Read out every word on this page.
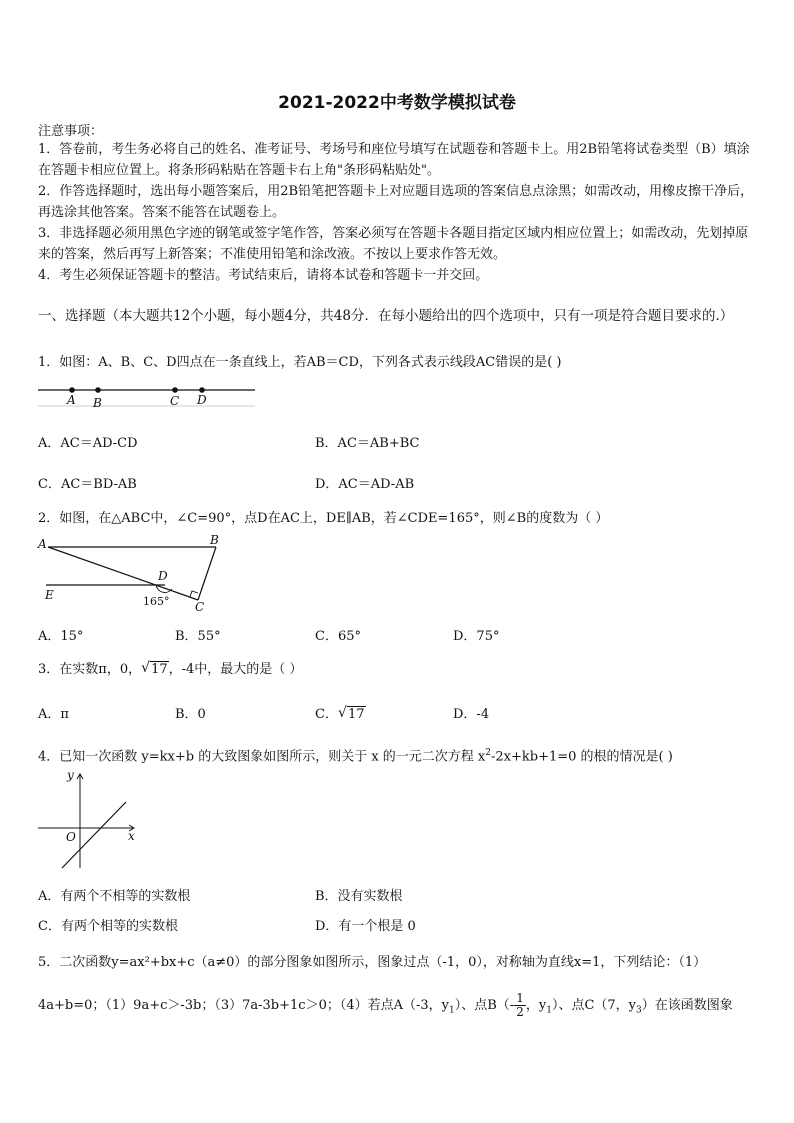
2021-2022中考数学模拟试卷
注意事项：
1．答卷前，考生务必将自己的姓名、准考证号、考场号和座位号填写在试题卷和答题卡上。用2B铅笔将试卷类型（B）填涂在答题卡相应位置上。将条形码粘贴在答题卡右上角"条形码粘贴处"。
2．作答选择题时，选出每小题答案后，用2B铅笔把答题卡上对应题目选项的答案信息点涂黑；如需改动，用橡皮擦干净后，再选涂其他答案。答案不能答在试题卷上。
3．非选择题必须用黑色字迹的钢笔或签字笔作答，答案必须写在答题卡各题目指定区域内相应位置上；如需改动，先划掉原来的答案，然后再写上新答案；不准使用铅笔和涂改液。不按以上要求作答无效。
4．考生必须保证答题卡的整洁。考试结束后，请将本试卷和答题卡一并交回。
一、选择题（本大题共12个小题，每小题4分，共48分．在每小题给出的四个选项中，只有一项是符合题目要求的.）
1．如图：A、B、C、D四点在一条直线上，若AB＝CD，下列各式表示线段AC错误的是( )
A B	C D
A．AC＝AD-CD	B．AC＝AB+BC
C．AC＝BD-AB	D．AC＝AD-AB
2．如图，在△ABC中，∠C=90°，点D在AC上，DE∥AB，若∠CDE=165°，则∠B的度数为（ ）
A	B
C
D
E	165°
A．15°	B．55°	C．65°	D．75°
3．在实数π，0， √ 17，-4中，最大的是（ ）
A．π	B．0	C． √ 17	D．-4
4．已知一次函数 y=kx+b 的大致图象如图所示，则关于 x 的一元二次方程 $x^2-2x+kb+1=0$ 的根的情况是( )
y
x
O
A．有两个不相等的实数根	B．没有实数根
C．有两个相等的实数根	D．有一个根是 0
5．二次函数y=ax²+bx+c（a≠0）的部分图象如图所示，图象过点（-1，0），对称轴为直线x=1，下列结论：（1）
4a+b=0；（1）9a+c＞-3b；（3）7a-3b+1c＞0；（4）若点A（-3，$y_1$）、点$B(- \frac{1}{2}$ ，$y_1$）、点C（7，$y_3$）在该函数图象
